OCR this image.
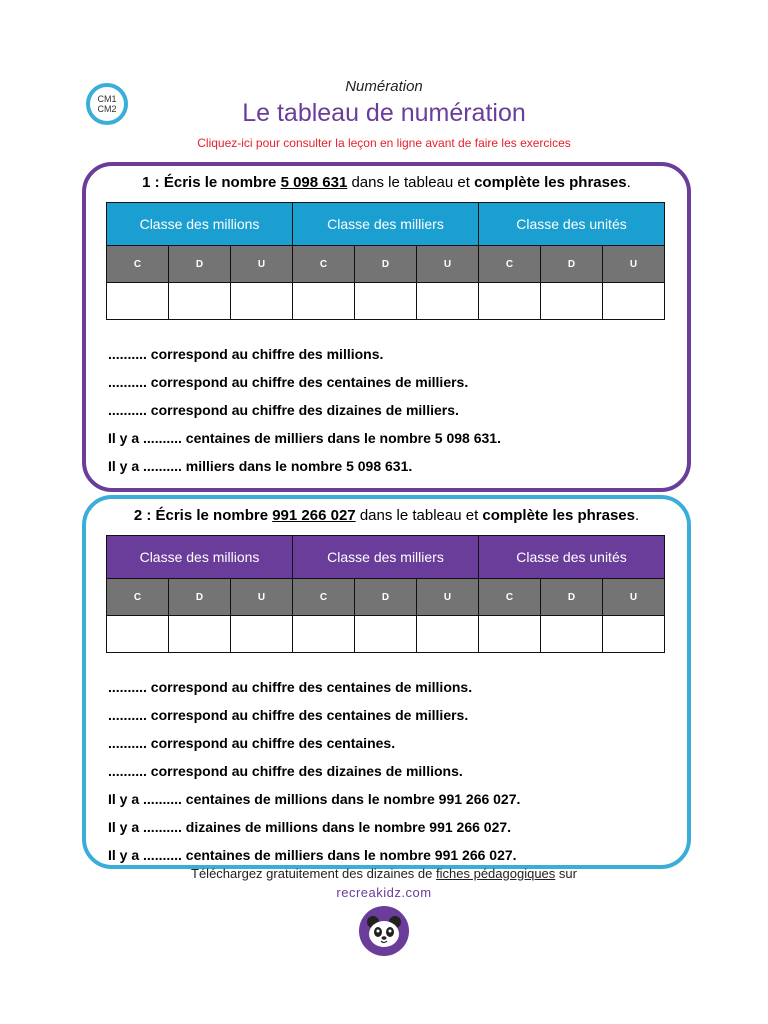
CM1
CM2
Numération
Le tableau de numération
Cliquez-ici pour consulter la leçon en ligne avant de faire les exercices
1 : Écris le nombre 5 098 631 dans le tableau et complète les phrases.
Classe des millions			Classe des milliers			Classe des unités		
C	D	U	C	D	U	C	D	U

.......... correspond au chiffre des millions.
.......... correspond au chiffre des centaines de milliers.
.......... correspond au chiffre des dizaines de milliers.
Il y a .......... centaines de milliers dans le nombre 5 098 631.
Il y a .......... milliers dans le nombre 5 098 631.
2 : Écris le nombre 991 266 027 dans le tableau et complète les phrases.
Classe des millions			Classe des milliers			Classe des unités		
C	D	U	C	D	U	C	D	U

.......... correspond au chiffre des centaines de millions.
.......... correspond au chiffre des centaines de milliers.
.......... correspond au chiffre des centaines.
.......... correspond au chiffre des dizaines de millions.
Il y a .......... centaines de millions dans le nombre 991 266 027.
Il y a .......... dizaines de millions dans le nombre 991 266 027.
Il y a .......... centaines de milliers dans le nombre 991 266 027.
Téléchargez gratuitement des dizaines de fiches pédagogiques sur
recreakidz.com
